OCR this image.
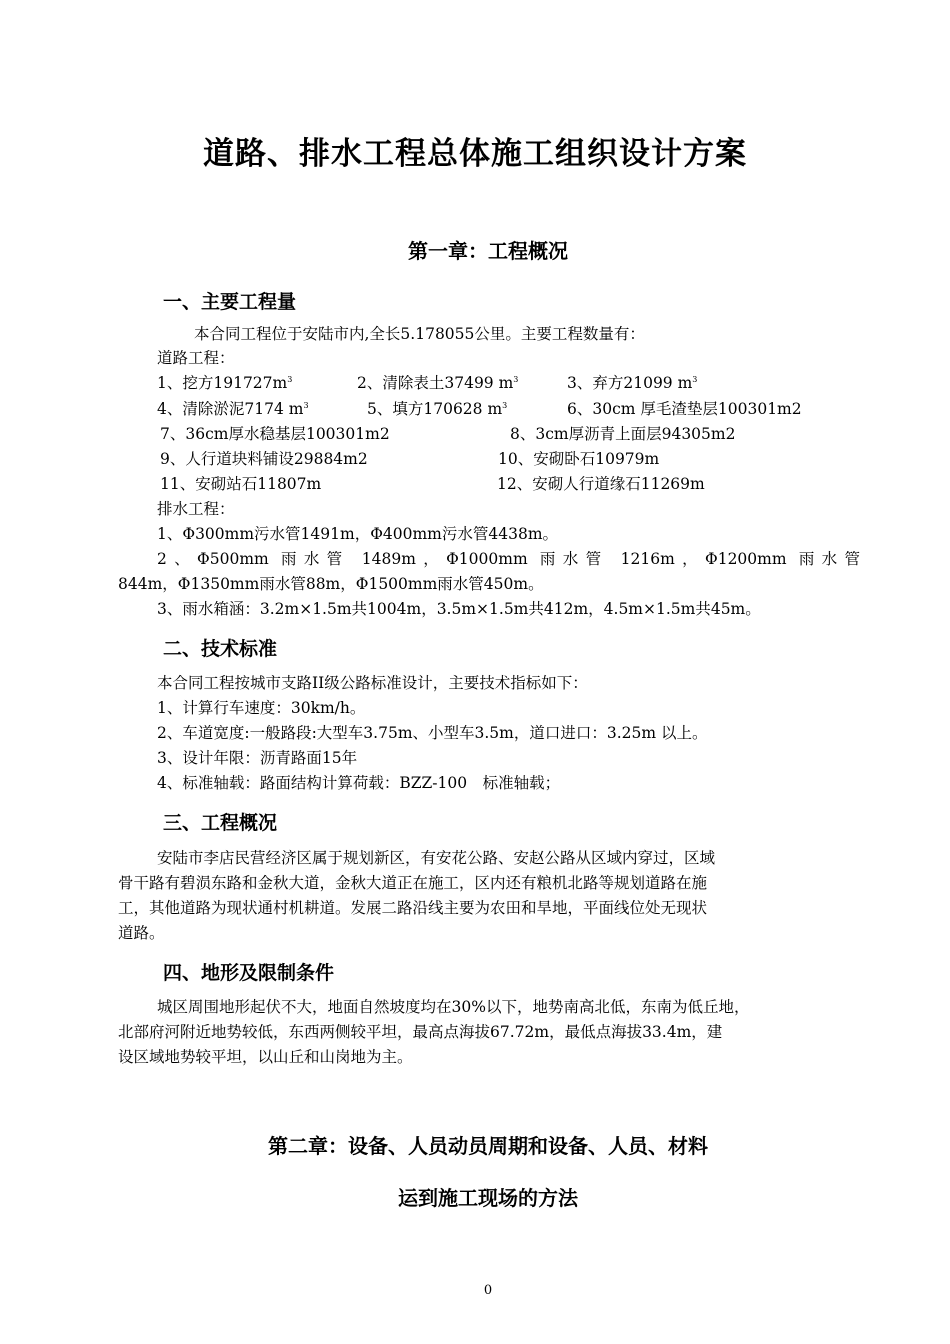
道路、排水工程总体施工组织设计方案
第一章：工程概况
一、主要工程量
本合同工程位于安陆市内,全长5.178055公里。主要工程数量有：
道路工程：
1、挖方$191727m^3$	2、清除表土37499 $m^3$	3、弃方21099 $m^3$
4、清除淤泥7174 $m^3$	5、填方170628 $m^3$	6、30cm 厚毛渣垫层100301m2
7、36cm厚水稳基层100301m2	8、3cm厚沥青上面层94305m2
9、人行道块料铺设29884m2	10、安砌卧石10979m
11、安砌站石11807m	12、安砌人行道缘石11269m
排水工程：
1、Φ300mm污水管1491m，Φ400mm污水管4438m。
2、Φ500mm 雨水管 1489m，Φ1000mm 雨水管 1216m，Φ1200mm 雨水管
844m，Φ1350mm雨水管88m，Φ1500mm雨水管450m。
3、雨水箱涵：3.2m×1.5m共1004m，3.5m×1.5m共412m，4.5m×1.5m共45m。
二、技术标准
本合同工程按城市支路II级公路标准设计，主要技术指标如下：
1、计算行车速度：30km/h。
2、车道宽度:一般路段:大型车3.75m、小型车3.5m，道口进口：3.25m 以上。
3、设计年限：沥青路面15年
4、标准轴载：路面结构计算荷载：BZZ-100　标准轴载；
三、工程概况
安陆市李店民营经济区属于规划新区，有安花公路、安赵公路从区域内穿过，区域
骨干路有碧涢东路和金秋大道，金秋大道正在施工，区内还有粮机北路等规划道路在施
工，其他道路为现状通村机耕道。发展二路沿线主要为农田和旱地，平面线位处无现状
道路。
四、地形及限制条件
城区周围地形起伏不大，地面自然坡度均在30%以下，地势南高北低，东南为低丘地，
北部府河附近地势较低，东西两侧较平坦，最高点海拔67.72m，最低点海拔33.4m，建
设区域地势较平坦，以山丘和山岗地为主。
第二章：设备、人员动员周期和设备、人员、材料
运到施工现场的方法
0
